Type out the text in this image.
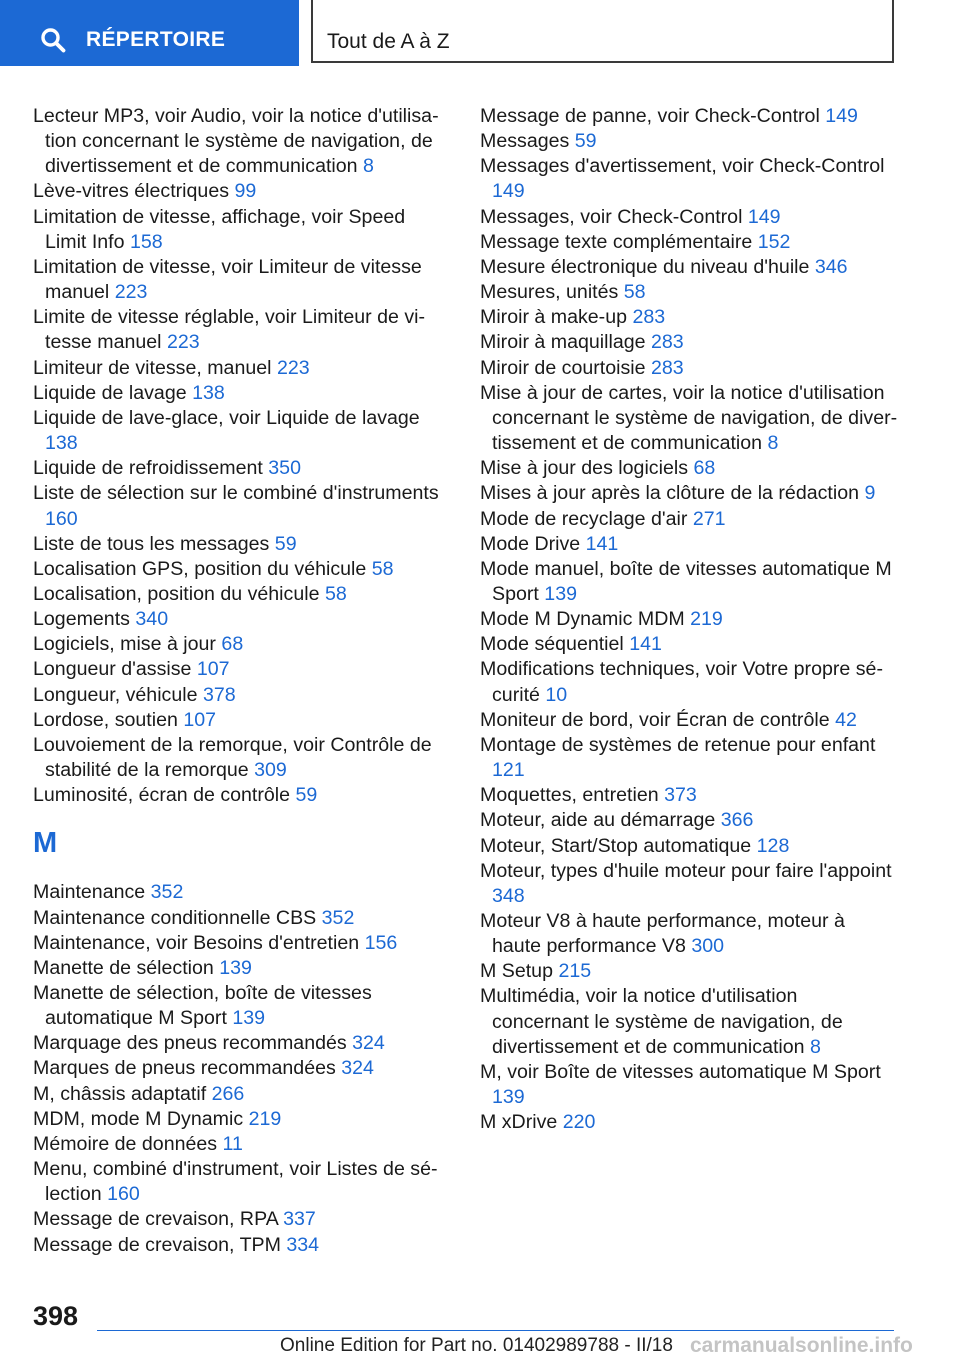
RÉPERTOIRE	Tout de A à Z

Lecteur MP3, voir Audio, voir la notice d'utilisation concernant le système de navigation, de divertissement et de communication 8

Lève-vitres électriques 99

Limitation de vitesse, affichage, voir Speed Limit Info 158

Limitation de vitesse, voir Limiteur de vitesse manuel 223

Limite de vitesse réglable, voir Limiteur de vitesse manuel 223

Limiteur de vitesse, manuel 223

Liquide de lavage 138

Liquide de lave-glace, voir Liquide de lavage 138

Liquide de refroidissement 350

Liste de sélection sur le combiné d'instruments 160

Liste de tous les messages 59

Localisation GPS, position du véhicule 58

Localisation, position du véhicule 58

Logements 340

Logiciels, mise à jour 68

Longueur d'assise 107

Longueur, véhicule 378

Lordose, soutien 107

Louvoiement de la remorque, voir Contrôle de stabilité de la remorque 309

Luminosité, écran de contrôle 59

M

Maintenance 352

Maintenance conditionnelle CBS 352

Maintenance, voir Besoins d'entretien 156

Manette de sélection 139

Manette de sélection, boîte de vitesses automatique M Sport 139

Marquage des pneus recommandés 324

Marques de pneus recommandées 324

M, châssis adaptatif 266

MDM, mode M Dynamic 219

Mémoire de données 11

Menu, combiné d'instrument, voir Listes de sélection 160

Message de crevaison, RPA 337

Message de crevaison, TPM 334

Message de panne, voir Check-Control 149

Messages 59

Messages d'avertissement, voir Check-Control 149

Messages, voir Check-Control 149

Message texte complémentaire 152

Mesure électronique du niveau d'huile 346

Mesures, unités 58

Miroir à make-up 283

Miroir à maquillage 283

Miroir de courtoisie 283

Mise à jour de cartes, voir la notice d'utilisation concernant le système de navigation, de divertissement et de communication 8

Mise à jour des logiciels 68

Mises à jour après la clôture de la rédaction 9

Mode de recyclage d'air 271

Mode Drive 141

Mode manuel, boîte de vitesses automatique M Sport 139

Mode M Dynamic MDM 219

Mode séquentiel 141

Modifications techniques, voir Votre propre sécurité 10

Moniteur de bord, voir Écran de contrôle 42

Montage de systèmes de retenue pour enfant 121

Moquettes, entretien 373

Moteur, aide au démarrage 366

Moteur, Start/Stop automatique 128

Moteur, types d'huile moteur pour faire l'appoint 348

Moteur V8 à haute performance, moteur à haute performance V8 300

M Setup 215

Multimédia, voir la notice d'utilisation concernant le système de navigation, de divertissement et de communication 8

M, voir Boîte de vitesses automatique M Sport 139

M xDrive 220

398
Online Edition for Part no. 01402989788 - II/18 carmanualsonline.info
